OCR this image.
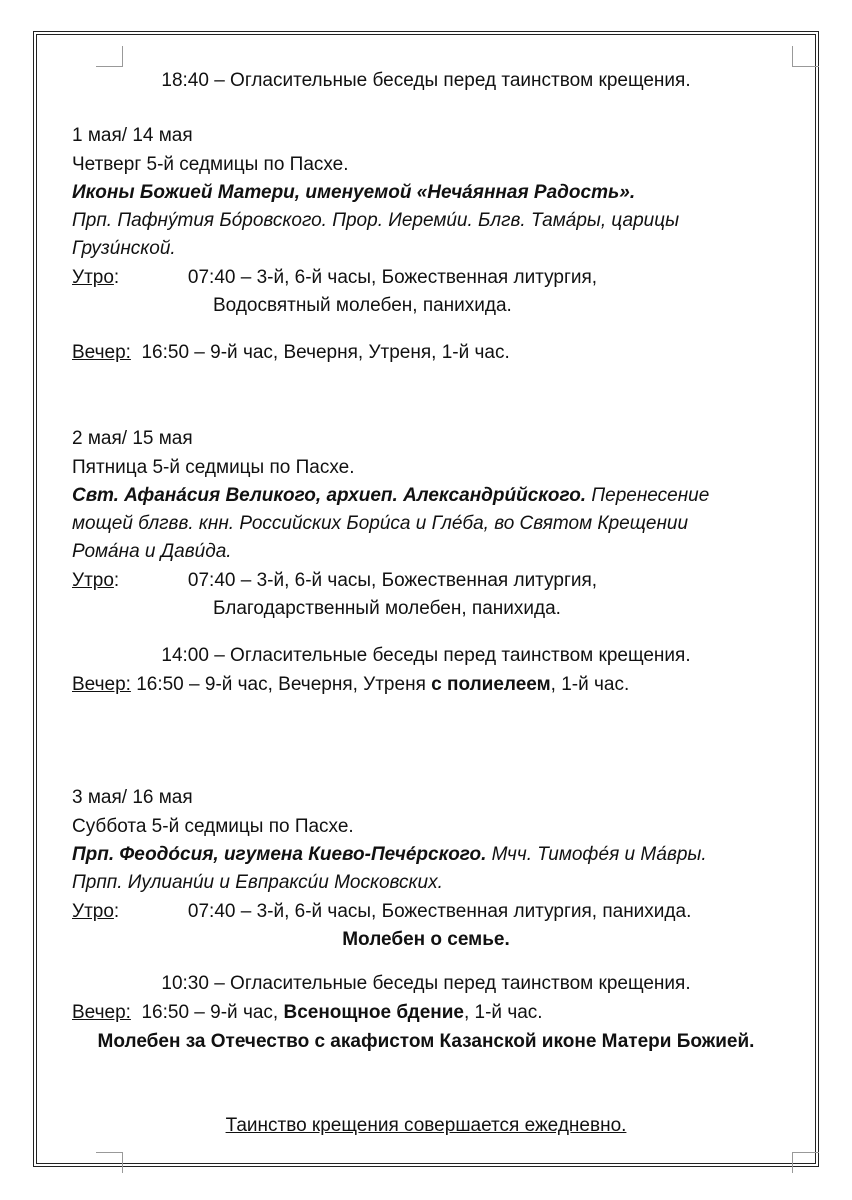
18:40 – Огласительные беседы перед таинством крещения.
1 мая/ 14 мая
Четверг 5-й седмицы по Пасхе.
Иконы Божией Матери, именуемой «Неча́янная Радость».
Прп. Пафну́тия Бо́ровского. Прор. Иереми́и. Блгв. Тама́ры, царицы
Грузи́нской.
Утро:	07:40 – 3-й, 6-й часы, Божественная литургия,
Водосвятный молебен, панихида.
Вечер: 16:50 – 9-й час, Вечерня, Утреня, 1-й час.
2 мая/ 15 мая
Пятница 5-й седмицы по Пасхе.
Свт. Афана́сия Великого, архиеп. Александри́йского. Перенесение
мощей блгвв. кнн. Российских Бори́са и Гле́ба, во Святом Крещении
Рома́на и Дави́да.
Утро:	07:40 – 3-й, 6-й часы, Божественная литургия,
Благодарственный молебен, панихида.
14:00 – Огласительные беседы перед таинством крещения.
Вечер: 16:50 – 9-й час, Вечерня, Утреня с полиелеем, 1-й час.
3 мая/ 16 мая
Суббота 5-й седмицы по Пасхе.
Прп. Феодо́сия, игумена Киево-Пече́рского. Мчч. Тимофе́я и Ма́вры.
Прпп. Иулиани́и и Евпракси́и Московских.
Утро:	07:40 – 3-й, 6-й часы, Божественная литургия, панихида.
Молебен о семье.
10:30 – Огласительные беседы перед таинством крещения.
Вечер: 16:50 – 9-й час, Всенощное бдение, 1-й час.
Молебен за Отечество с акафистом Казанской иконе Матери Божией.
Таинство крещения совершается ежедневно.
